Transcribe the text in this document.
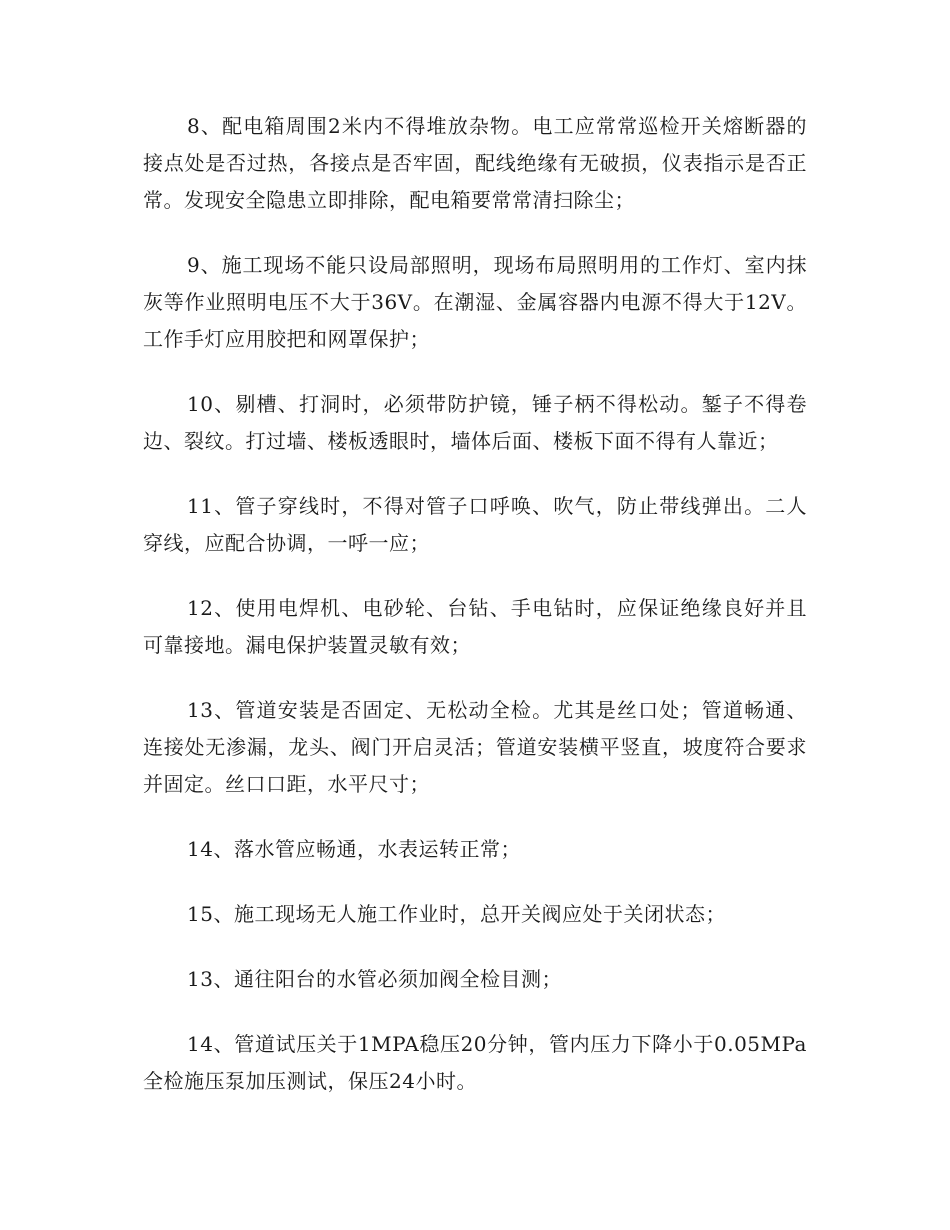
8、配电箱周围2米内不得堆放杂物。电工应常常巡检开关熔断器的接点处是否过热，各接点是否牢固，配线绝缘有无破损，仪表指示是否正常。发现安全隐患立即排除，配电箱要常常清扫除尘；

9、施工现场不能只设局部照明，现场布局照明用的工作灯、室内抹灰等作业照明电压不大于36V。在潮湿、金属容器内电源不得大于12V。工作手灯应用胶把和网罩保护；

10、剔槽、打洞时，必须带防护镜，锤子柄不得松动。錾子不得卷边、裂纹。打过墙、楼板透眼时，墙体后面、楼板下面不得有人靠近；

11、管子穿线时，不得对管子口呼唤、吹气，防止带线弹出。二人穿线，应配合协调，一呼一应；

12、使用电焊机、电砂轮、台钻、手电钻时，应保证绝缘良好并且可靠接地。漏电保护装置灵敏有效；

13、管道安装是否固定、无松动全检。尤其是丝口处；管道畅通、连接处无渗漏，龙头、阀门开启灵活；管道安装横平竖直，坡度符合要求并固定。丝口口距，水平尺寸；

14、落水管应畅通，水表运转正常；

15、施工现场无人施工作业时，总开关阀应处于关闭状态；

13、通往阳台的水管必须加阀全检目测；

14、管道试压关于1MPA稳压20分钟，管内压力下降小于0.05MPa全检施压泵加压测试，保压24小时。
